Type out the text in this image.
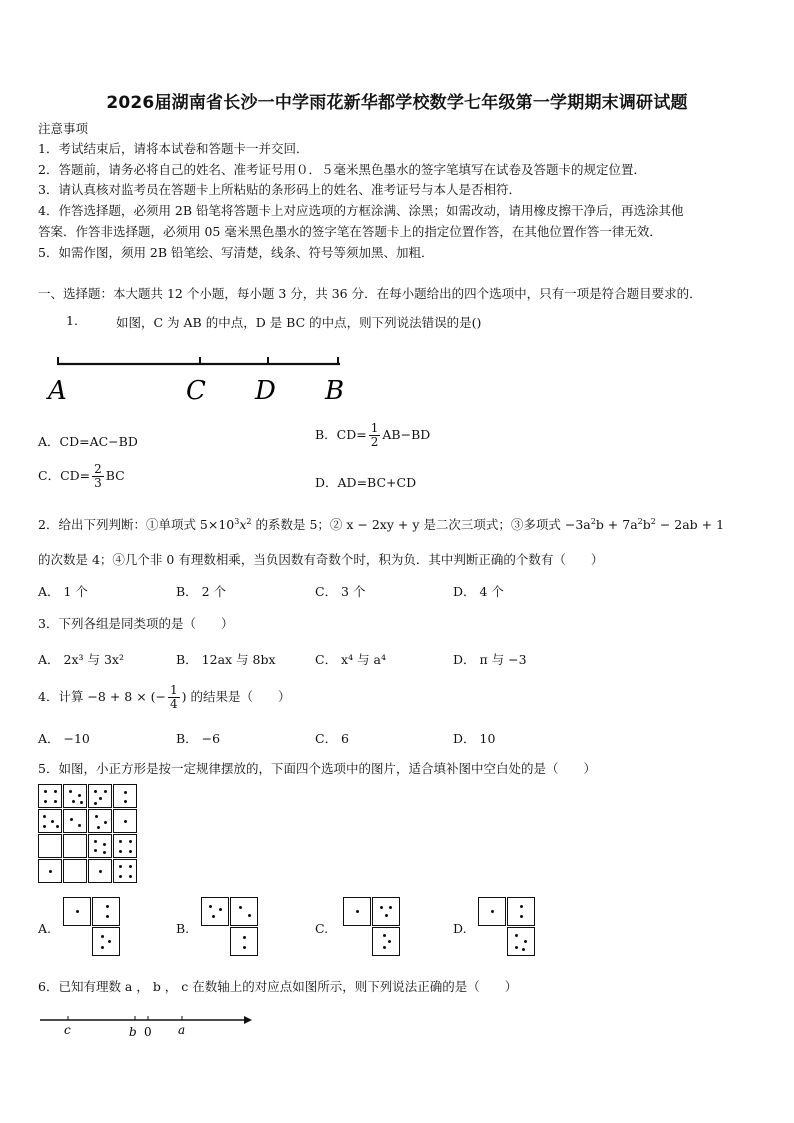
2026届湖南省长沙一中学雨花新华都学校数学七年级第一学期期末调研试题
注意事项
1．考试结束后，请将本试卷和答题卡一并交回．
2．答题前，请务必将自己的姓名、准考证号用０．５毫米黑色墨水的签字笔填写在试卷及答题卡的规定位置．
3．请认真核对监考员在答题卡上所粘贴的条形码上的姓名、准考证号与本人是否相符．
4．作答选择题，必须用 2B 铅笔将答题卡上对应选项的方框涂满、涂黑；如需改动，请用橡皮擦干净后，再选涂其他
答案．作答非选择题，必须用 05 毫米黑色墨水的签字笔在答题卡上的指定位置作答，在其他位置作答一律无效．
5．如需作图，须用 2B 铅笔绘、写清楚，线条、符号等须加黑、加粗．
一、选择题：本大题共 12 个小题，每小题 3 分，共 36 分．在每小题给出的四个选项中，只有一项是符合题目要求的．
1.	如图，C 为 AB 的中点，D 是 BC 的中点，则下列说法错误的是()
A	C D B
A．CD=AC−BD	B．$CD= \frac{1}{2} AB-BD$
C．$CD= \frac{2}{3}$ BC	D．AD=BC+CD
2．给出下列判断：①单项式 $5\times 10^3x^2$ 的系数是 5；② x − 2xy + y 是二次三项式；③多项式 $-3a^2b + 7a^2b^2 - 2ab + 1$
的次数是 4；④几个非 0 有理数相乘，当负因数有奇数个时，积为负．其中判断正确的个数有（　　）
A． 1 个	B． 2 个	C． 3 个	D． 4 个
3．下列各组是同类项的是（　　）
A． 2x³ 与 3x²	B． 12ax 与 8bx	C． x⁴ 与 a⁴	D． π 与 −3
4．计算 −8 + 8 × (− $\frac{1}{4}$ ) 的结果是（　　）
A． −10	B． −6	C． 6	D． 10
5．如图，小正方形是按一定规律摆放的，下面四个选项中的图片，适合填补图中空白处的是（　　）
A.	B.	C.	D.
6．已知有理数 a ， b ， c 在数轴上的对应点如图所示，则下列说法正确的是（　　）
c	b 0 a
